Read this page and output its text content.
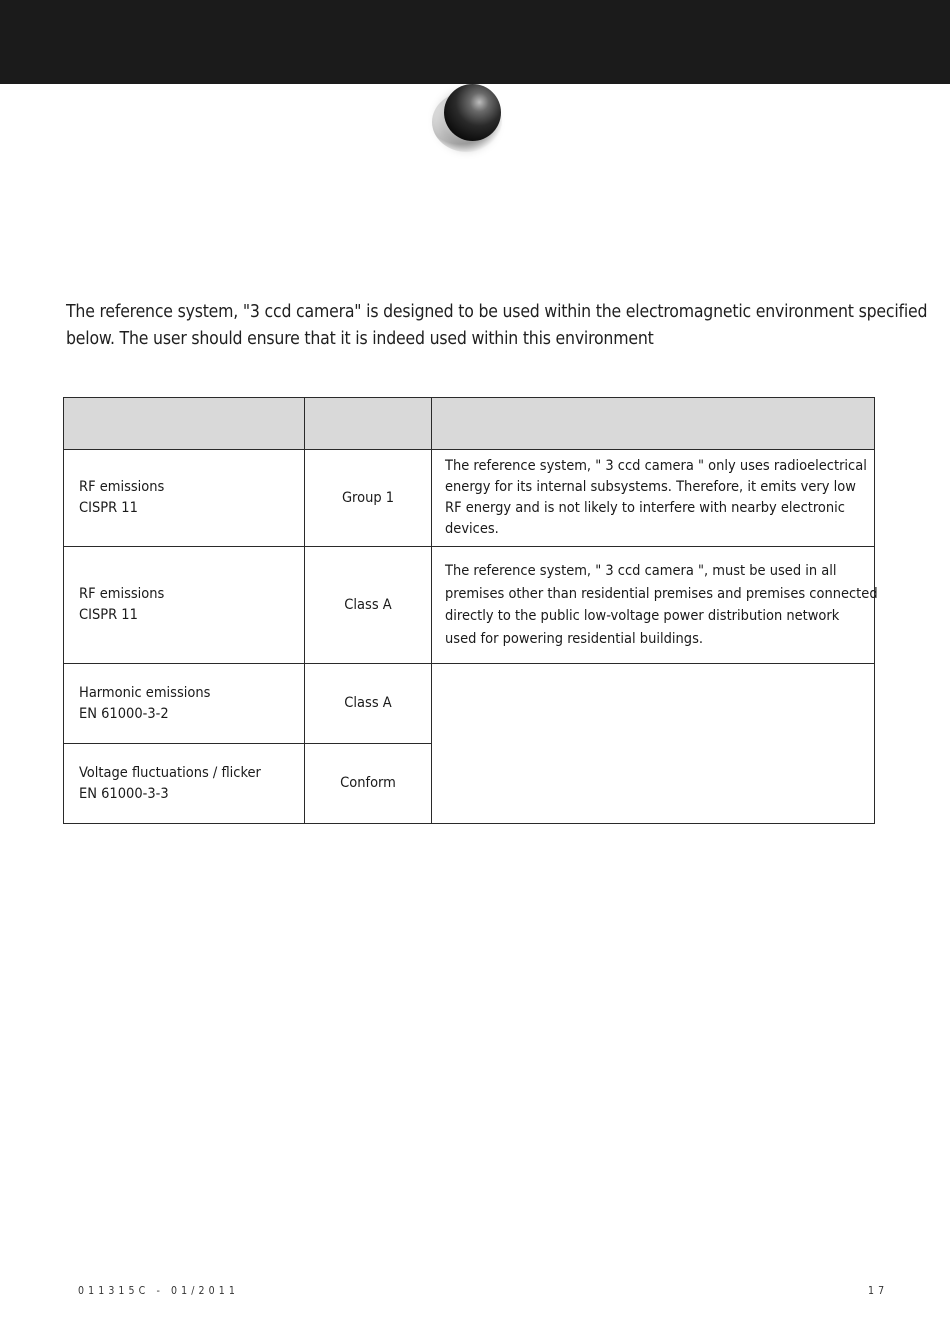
The reference system, "3 ccd camera" is designed to be used within the electromagnetic environment specified
below. The user should ensure that it is indeed used within this environment

RF emissions
CISPR 11	Group 1	The reference system, " 3 ccd camera " only uses radioelectrical
energy for its internal subsystems. Therefore, it emits very low
RF energy and is not likely to interfere with nearby electronic
devices.

RF emissions
CISPR 11	Class A	The reference system, " 3 ccd camera ", must be used in all
premises other than residential premises and premises connected
directly to the public low-voltage power distribution network
used for powering residential buildings.

Harmonic emissions
EN 61000-3-2	Class A	

Voltage fluctuations / flicker
EN 61000-3-3	Conform	
011315C - 01/2011	17
